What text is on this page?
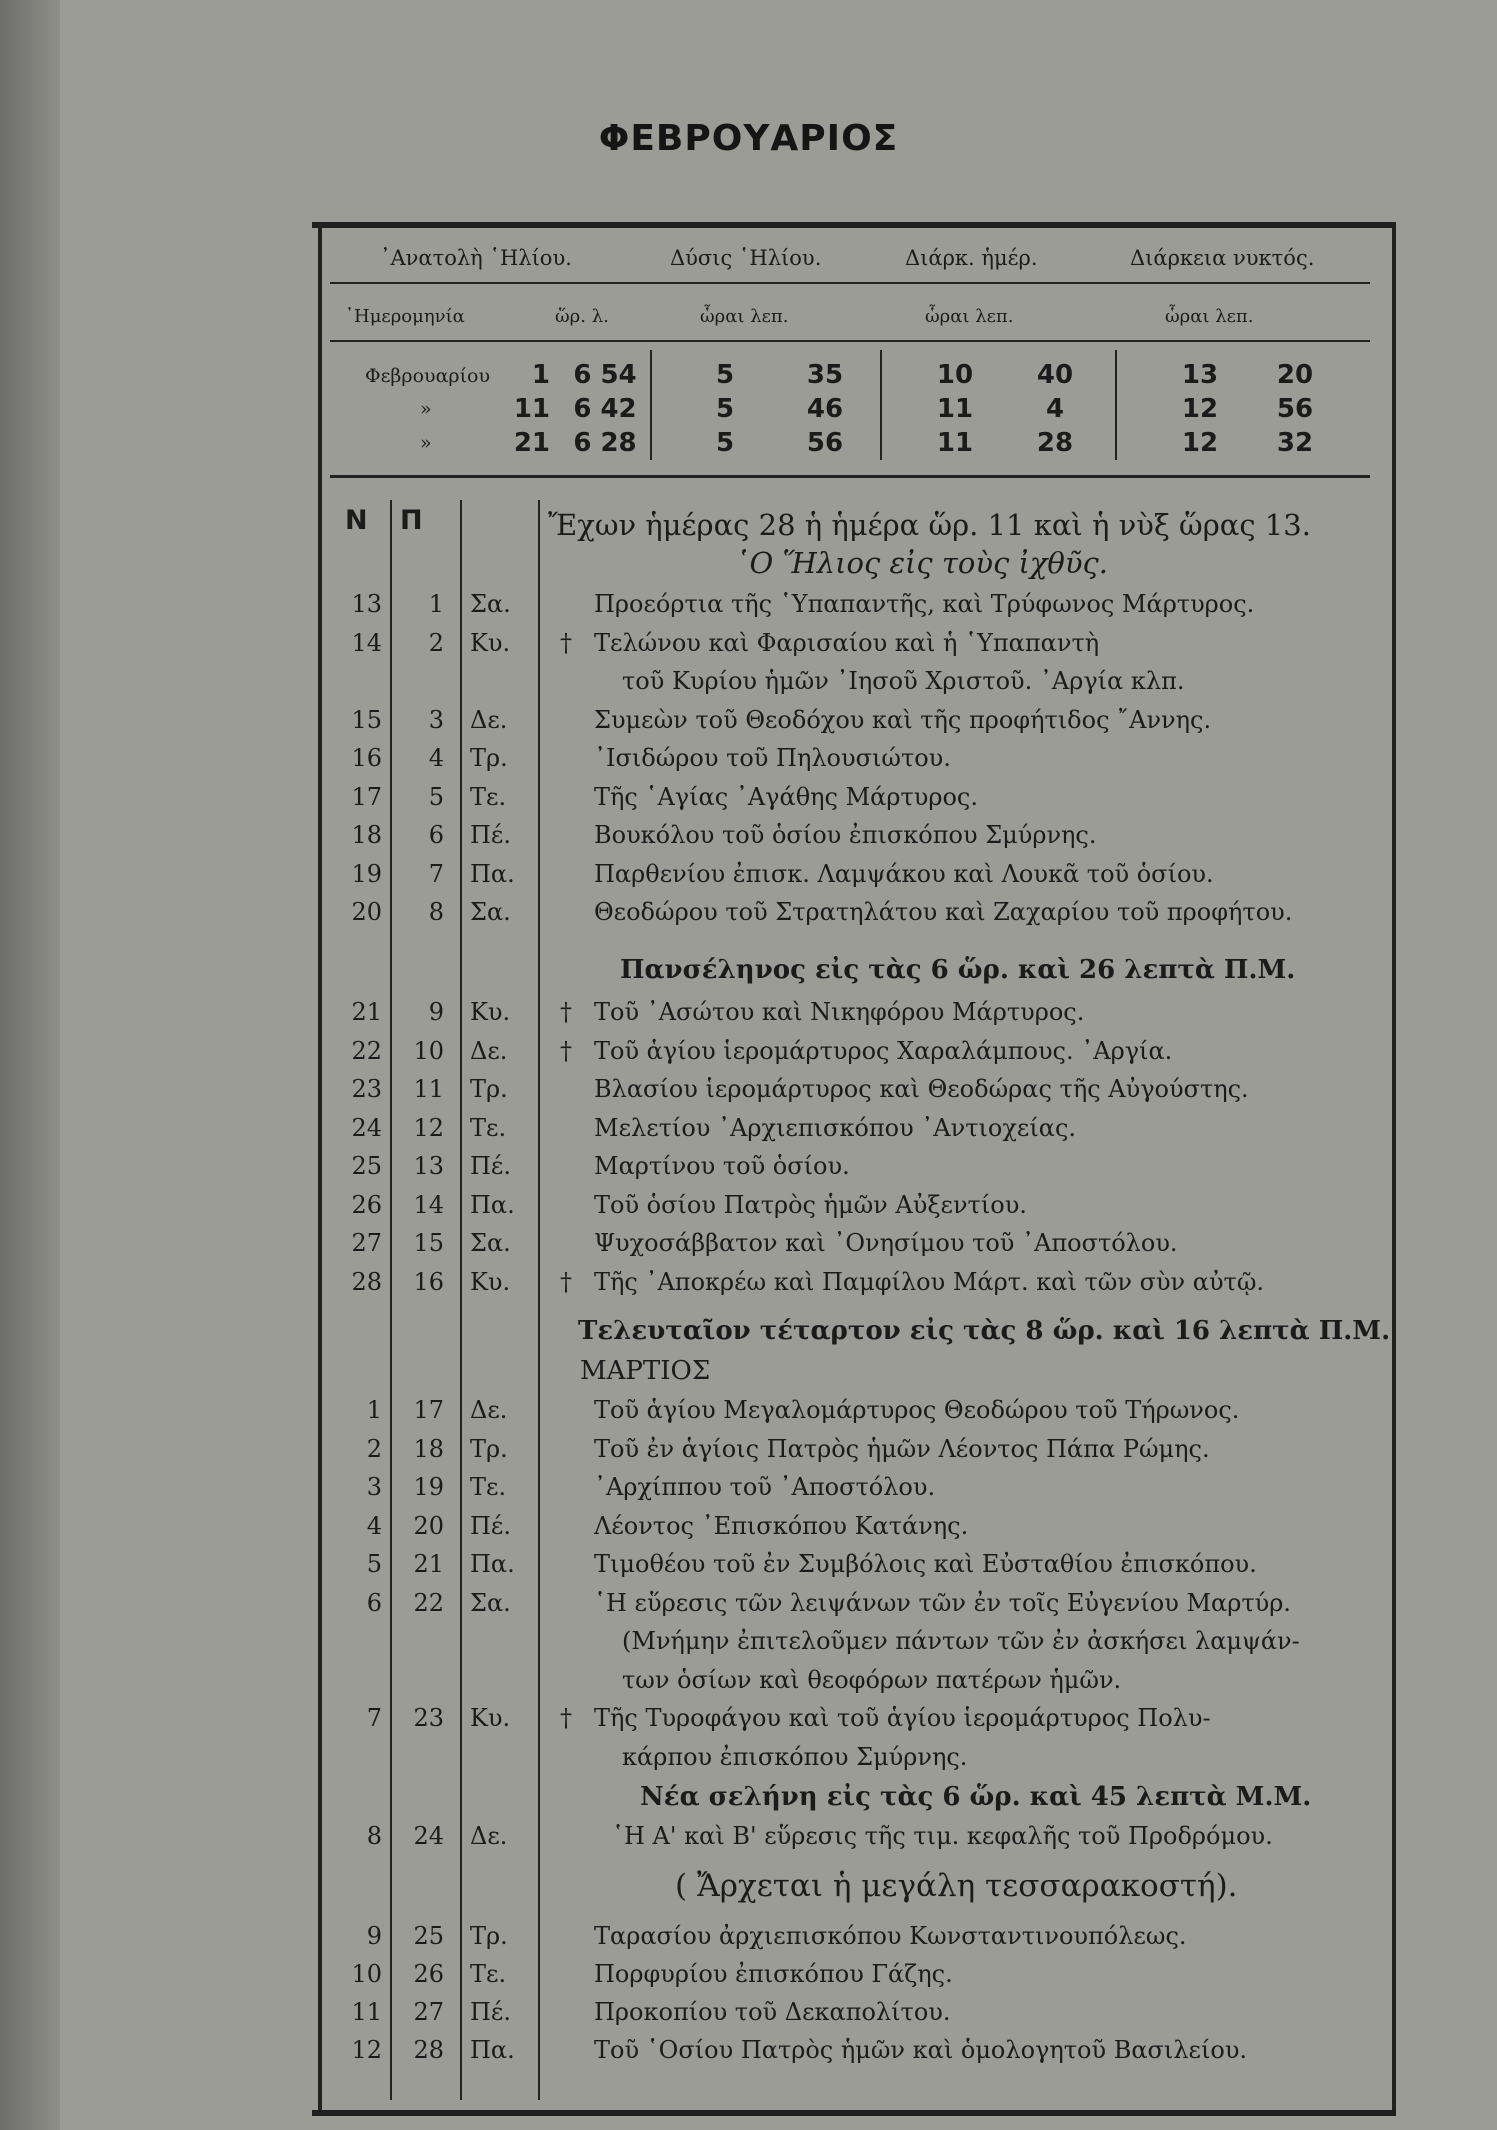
ΦΕΒΡΟΥΑΡΙΟΣ
᾿Ανατολὴ ῾Ηλίου.	Δύσις ῾Ηλίου.	Διάρκ. ἡμέρ.	Διάρκεια νυκτός.
῾Ημερομηνία	ὥρ. λ.	ὧραι λεπ.	ὧραι λεπ.	ὧραι λεπ.
Φεβρουαρίου	1 6 54	5	35	10	40	13 20
»	11 6 42	5	46	11	4	12 56
»	21 6 28	5	56	11	28	12 32
Ν Π	Ἔχων ἡμέρας 28 ἡ ἡμέρα ὥρ. 11 καὶ ἡ νὺξ ὥρας 13.
῾Ο Ἥλιος εἰς τοὺς ἰχθῦς.
13	1 Σα.	Προεόρτια τῆς ῾Υπαπαντῆς, καὶ Τρύφωνος Μάρτυρος.
14	2 Κυ.	† Τελώνου καὶ Φαρισαίου καὶ ἡ ῾Υπαπαντὴ
τοῦ Κυρίου ἡμῶν ᾿Ιησοῦ Χριστοῦ. ᾿Αργία κλπ.
15	3 Δε.	Συμεὼν τοῦ Θεοδόχου καὶ τῆς προφήτιδος ῎Αννης.
16	4 Τρ.	᾿Ισιδώρου τοῦ Πηλουσιώτου.
17	5 Τε.	Τῆς ῾Αγίας ᾿Αγάθης Μάρτυρος.
18	6 Πέ.	Βουκόλου τοῦ ὁσίου ἐπισκόπου Σμύρνης.
19	7 Πα.	Παρθενίου ἐπισκ. Λαμψάκου καὶ Λουκᾶ τοῦ ὁσίου.
20	8 Σα.	Θεοδώρου τοῦ Στρατηλάτου καὶ Ζαχαρίου τοῦ προφήτου.
Πανσέληνος εἰς τὰς 6 ὥρ. καὶ 26 λεπτὰ Π.Μ.
21	9 Κυ.	† Τοῦ ᾿Ασώτου καὶ Νικηφόρου Μάρτυρος.
22	10 Δε.	† Τοῦ ἁγίου ἱερομάρτυρος Χαραλάμπους. ᾿Αργία.
23	11 Τρ.	Βλασίου ἱερομάρτυρος καὶ Θεοδώρας τῆς Αὐγούστης.
24	12 Τε.	Μελετίου ᾿Αρχιεπισκόπου ᾿Αντιοχείας.
25	13 Πέ.	Μαρτίνου τοῦ ὁσίου.
26	14 Πα.	Τοῦ ὁσίου Πατρὸς ἡμῶν Αὐξεντίου.
27	15 Σα.	Ψυχοσάββατον καὶ ᾿Ονησίμου τοῦ ᾿Αποστόλου.
28	16 Κυ.	† Τῆς ᾿Αποκρέω καὶ Παμφίλου Μάρτ. καὶ τῶν σὺν αὐτῷ.
Τελευταῖον τέταρτον εἰς τὰς 8 ὥρ. καὶ 16 λεπτὰ Π.Μ.
ΜΑΡΤΙΟΣ
1	17 Δε.	Τοῦ ἁγίου Μεγαλομάρτυρος Θεοδώρου τοῦ Τήρωνος.
2	18 Τρ.	Τοῦ ἐν ἁγίοις Πατρὸς ἡμῶν Λέοντος Πάπα Ρώμης.
3	19 Τε.	᾿Αρχίππου τοῦ ᾿Αποστόλου.
4	20 Πέ.	Λέοντος ᾿Επισκόπου Κατάνης.
5	21 Πα.	Τιμοθέου τοῦ ἐν Συμβόλοις καὶ Εὐσταθίου ἐπισκόπου.
6	22 Σα.	῾Η εὕρεσις τῶν λειψάνων τῶν ἐν τοῖς Εὐγενίου Μαρτύρ.
(Μνήμην ἐπιτελοῦμεν πάντων τῶν ἐν ἀσκήσει λαμψάν-
των ὁσίων καὶ θεοφόρων πατέρων ἡμῶν.
7	23 Κυ.	† Τῆς Τυροφάγου καὶ τοῦ ἁγίου ἱερομάρτυρος Πολυ-
κάρπου ἐπισκόπου Σμύρνης.
Νέα σελήνη εἰς τὰς 6 ὥρ. καὶ 45 λεπτὰ Μ.Μ.
8	24 Δε.	῾Η Α' καὶ Β' εὕρεσις τῆς τιμ. κεφαλῆς τοῦ Προδρόμου.
( Ἄρχεται ἡ μεγάλη τεσσαρακοστή).
9	25 Τρ.	Ταρασίου ἀρχιεπισκόπου Κωνσταντινουπόλεως.
10	26 Τε.	Πορφυρίου ἐπισκόπου Γάζης.
11	27 Πέ.	Προκοπίου τοῦ Δεκαπολίτου.
12	28 Πα.	Τοῦ ῾Οσίου Πατρὸς ἡμῶν καὶ ὁμολογητοῦ Βασιλείου.
